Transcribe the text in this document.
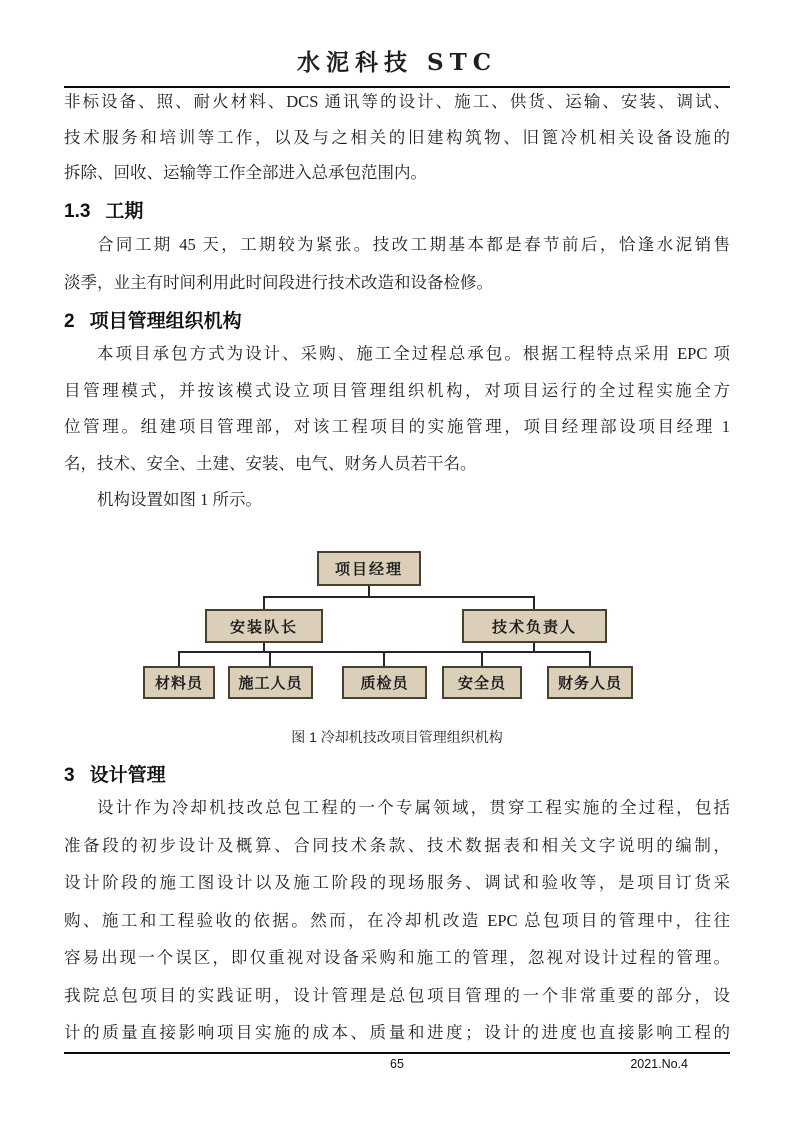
水泥科技 STC
非标设备、照、耐火材料、DCS 通讯等的设计、施工、供货、运输、安装、调试、
技术服务和培训等工作，以及与之相关的旧建构筑物、旧篦冷机相关设备设施的
拆除、回收、运输等工作全部进入总承包范围内。
1.3 工期
合同工期 45 天，工期较为紧张。技改工期基本都是春节前后，恰逢水泥销售
淡季，业主有时间利用此时间段进行技术改造和设备检修。
2 项目管理组织机构
本项目承包方式为设计、采购、施工全过程总承包。根据工程特点采用 EPC 项
目管理模式，并按该模式设立项目管理组织机构，对项目运行的全过程实施全方
位管理。组建项目管理部，对该工程项目的实施管理，项目经理部设项目经理 1
名，技术、安全、土建、安装、电气、财务人员若干名。
机构设置如图 1 所示。
项目经理
安装队长	技术负责人
材料员	施工人员	质检员	安全员	财务人员
图 1 冷却机技改项目管理组织机构
3 设计管理
设计作为冷却机技改总包工程的一个专属领域，贯穿工程实施的全过程，包括
准备段的初步设计及概算、合同技术条款、技术数据表和相关文字说明的编制，
设计阶段的施工图设计以及施工阶段的现场服务、调试和验收等，是项目订货采
购、施工和工程验收的依据。然而，在冷却机改造 EPC 总包项目的管理中，往往
容易出现一个误区，即仅重视对设备采购和施工的管理，忽视对设计过程的管理。
我院总包项目的实践证明，设计管理是总包项目管理的一个非常重要的部分，设
计的质量直接影响项目实施的成本、质量和进度；设计的进度也直接影响工程的
65	2021.No.4
